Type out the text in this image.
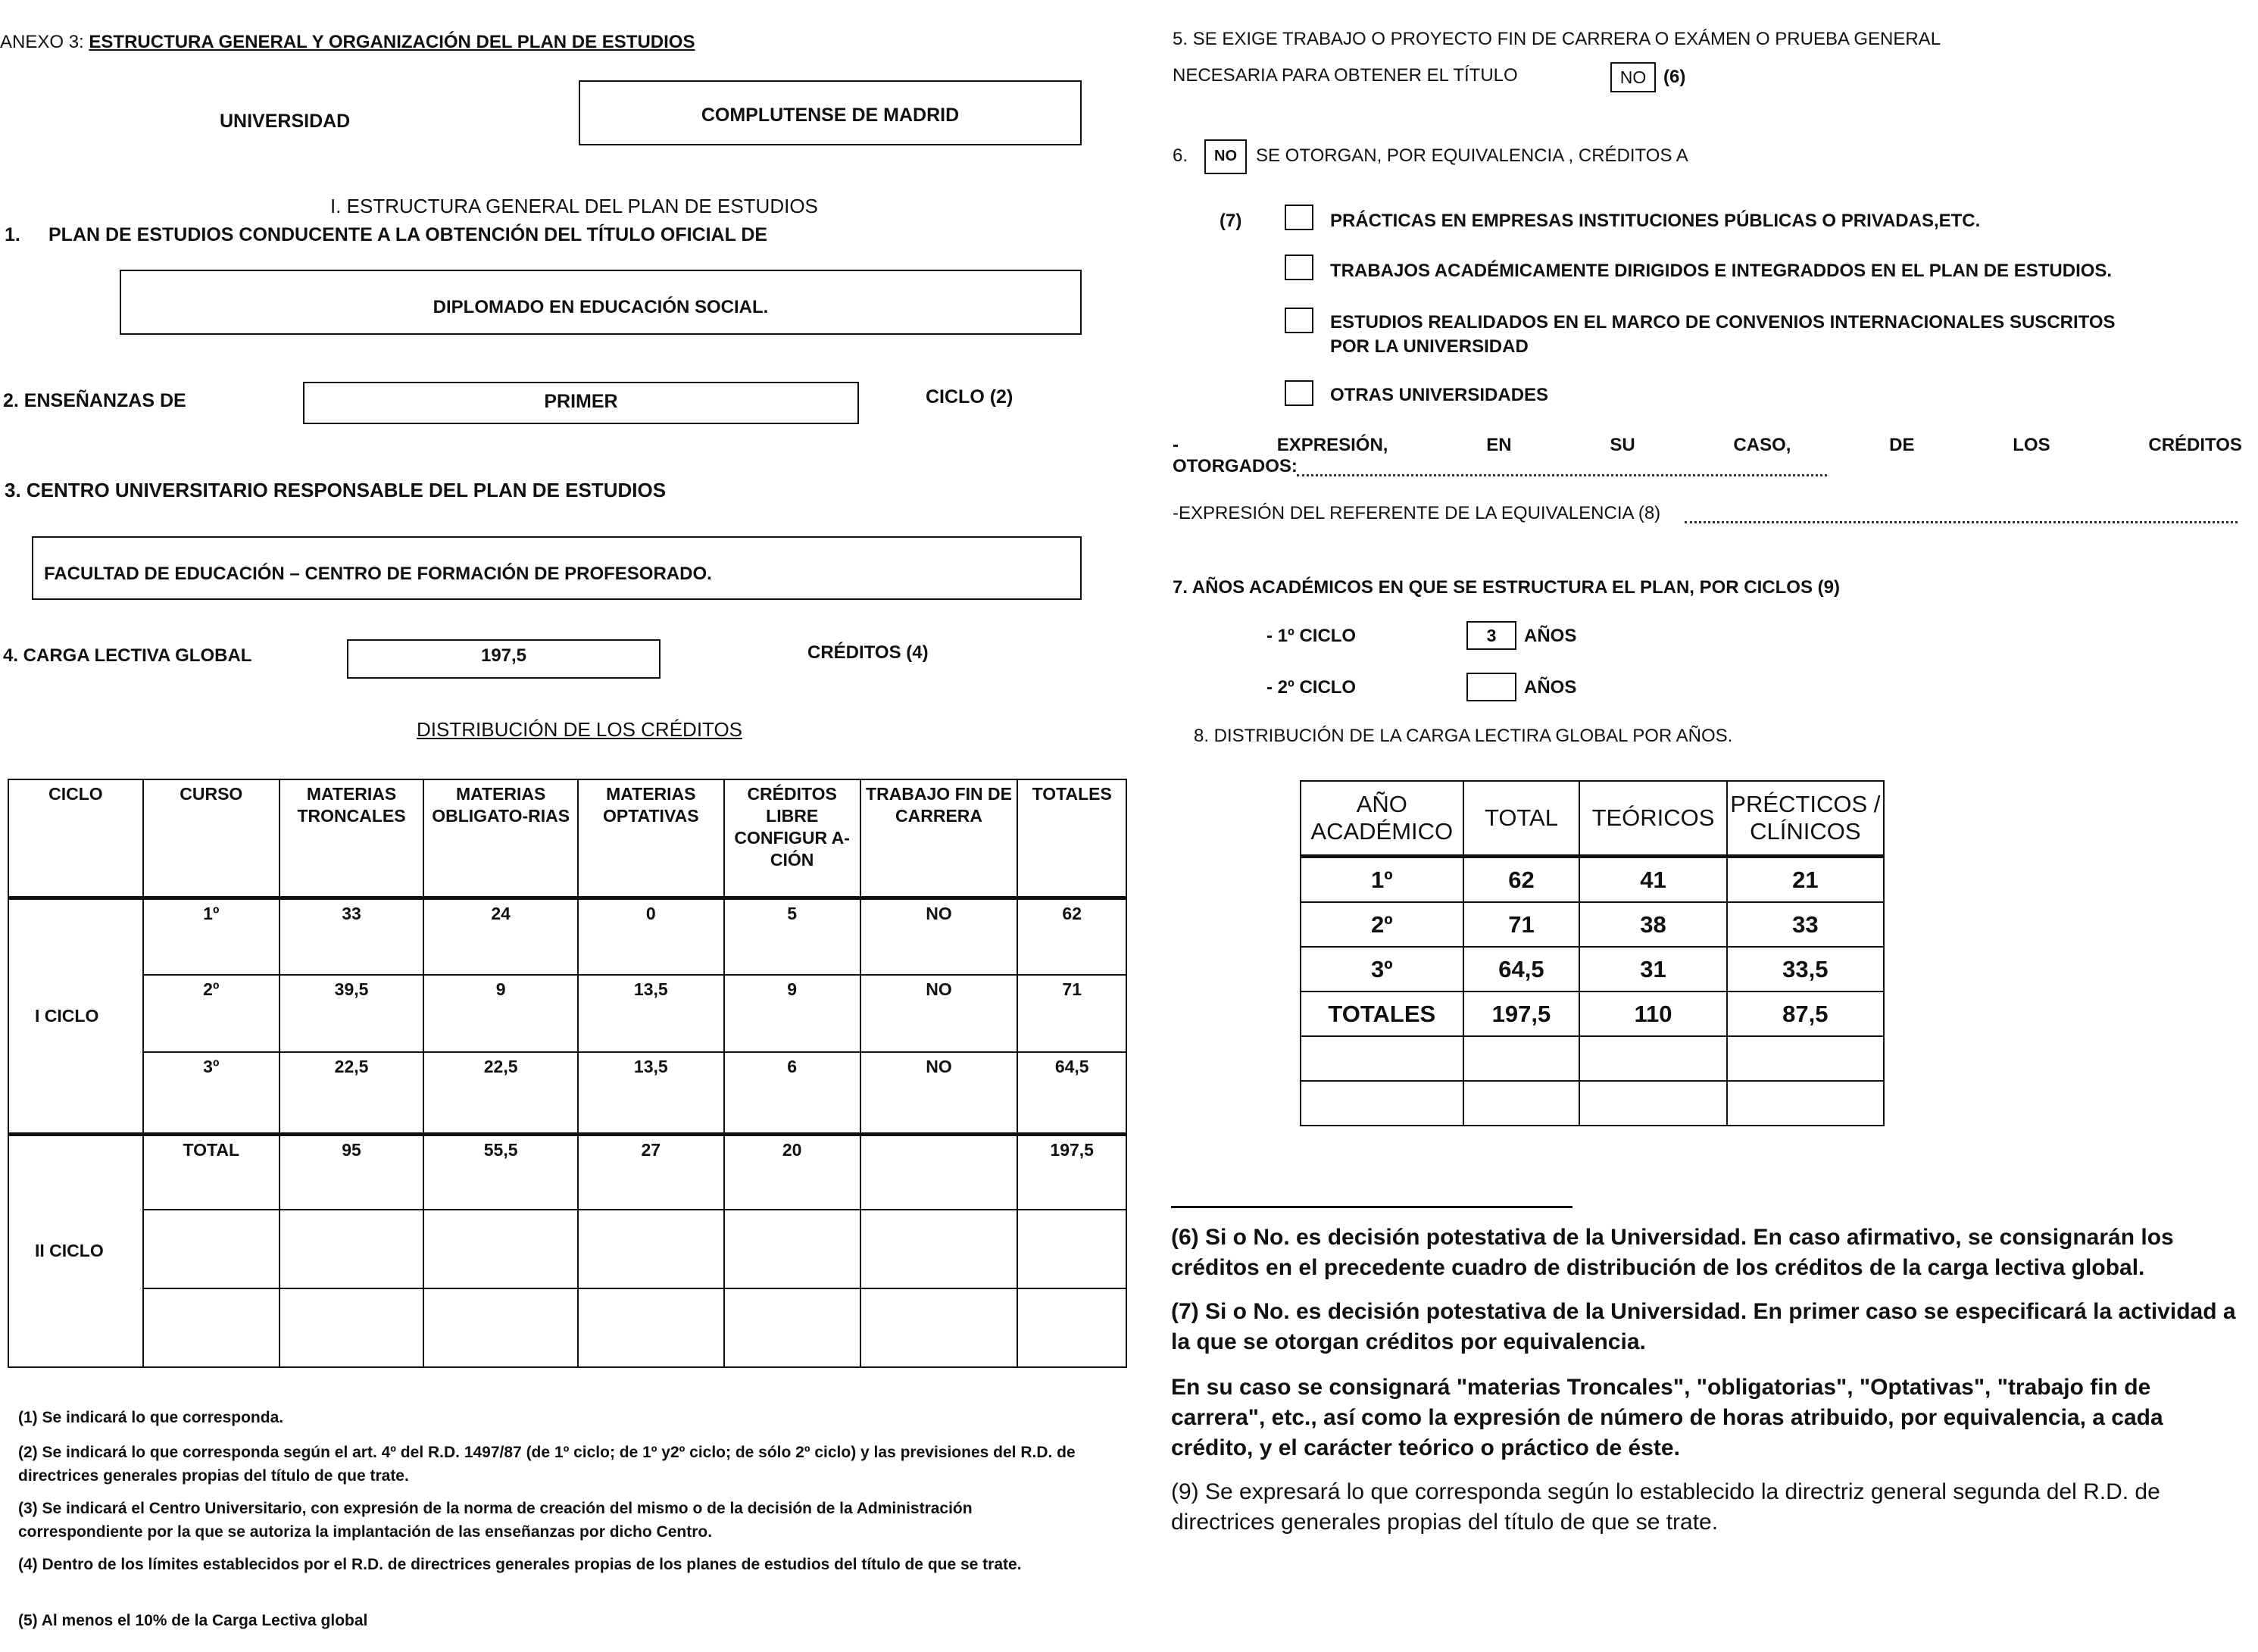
ANEXO 3: ESTRUCTURA GENERAL Y ORGANIZACIÓN DEL PLAN DE ESTUDIOS
UNIVERSIDAD	COMPLUTENSE DE MADRID
I. ESTRUCTURA GENERAL DEL PLAN DE ESTUDIOS
1. PLAN DE ESTUDIOS CONDUCENTE A LA OBTENCIÓN DEL TÍTULO OFICIAL DE
DIPLOMADO EN EDUCACIÓN SOCIAL.
2. ENSEÑANZAS DE	PRIMER	CICLO (2)
3. CENTRO UNIVERSITARIO RESPONSABLE DEL PLAN DE ESTUDIOS
FACULTAD DE EDUCACIÓN – CENTRO DE FORMACIÓN DE PROFESORADO.
4. CARGA LECTIVA GLOBAL	197,5	CRÉDITOS (4)
DISTRIBUCIÓN DE LOS CRÉDITOS
CICLO	CURSO	MATERIAS TRONCALES	MATERIAS OBLIGATO-RIAS	MATERIAS OPTATIVAS	CRÉDITOS LIBRE CONFIGUR A-CIÓN	TRABAJO FIN DE CARRERA	TOTALES
I CICLO	1º	33	24	0	5	NO	62
	2º	39,5	9	13,5	9	NO	71
	3º	22,5	22,5	13,5	6	NO	64,5
II CICLO	TOTAL	95	55,5	27	20		197,5

(1) Se indicará lo que corresponda.
(2) Se indicará lo que corresponda según el art. 4º del R.D. 1497/87 (de 1º ciclo; de 1º y2º ciclo; de sólo 2º ciclo) y las previsiones del R.D. de directrices generales propias del título de que trate.
(3) Se indicará el Centro Universitario, con expresión de la norma de creación del mismo o de la decisión de la Administración correspondiente por la que se autoriza la implantación de las enseñanzas por dicho Centro.
(4) Dentro de los límites establecidos por el R.D. de directrices generales propias de los planes de estudios del título de que se trate.
(5) Al menos el 10% de la Carga Lectiva global
5. SE EXIGE TRABAJO O PROYECTO FIN DE CARRERA O EXÁMEN O PRUEBA GENERAL
NECESARIA PARA OBTENER EL TÍTULO	NO (6)
6.	NO	SE OTORGAN, POR EQUIVALENCIA , CRÉDITOS A
(7)	PRÁCTICAS EN EMPRESAS INSTITUCIONES PÚBLICAS O PRIVADAS,ETC.
TRABAJOS ACADÉMICAMENTE DIRIGIDOS E INTEGRADDOS EN EL PLAN DE ESTUDIOS.
ESTUDIOS REALIDADOS EN EL MARCO DE CONVENIOS INTERNACIONALES SUSCRITOS
POR LA UNIVERSIDAD
OTRAS UNIVERSIDADES
-	EXPRESIÓN,	EN	SU	CASO,	DE	LOS	CRÉDITOS
OTORGADOS:
-EXPRESIÓN DEL REFERENTE DE LA EQUIVALENCIA (8)
7. AÑOS ACADÉMICOS EN QUE SE ESTRUCTURA EL PLAN, POR CICLOS (9)
- 1º CICLO	3	AÑOS
- 2º CICLO	AÑOS
8. DISTRIBUCIÓN DE LA CARGA LECTIRA GLOBAL POR AÑOS.
AÑO ACADÉMICO	TOTAL	TEÓRICOS	PRÉCTICOS / CLÍNICOS
1º	62	41	21
2º	71	38	33
3º	64,5	31	33,5
TOTALES	197,5	110	87,5

(6) Si o No. es decisión potestativa de la Universidad. En caso afirmativo, se consignarán los créditos en el precedente cuadro de distribución de los créditos de la carga lectiva global.
(7) Si o No. es decisión potestativa de la Universidad. En primer caso se especificará la actividad a la que se otorgan créditos por equivalencia.
En su caso se consignará "materias Troncales", "obligatorias", "Optativas", "trabajo fin de carrera", etc., así como la expresión de número de horas atribuido, por equivalencia, a cada crédito, y el carácter teórico o práctico de éste.
(9) Se expresará lo que corresponda según lo establecido la directriz general segunda del R.D. de directrices generales propias del título de que se trate.
